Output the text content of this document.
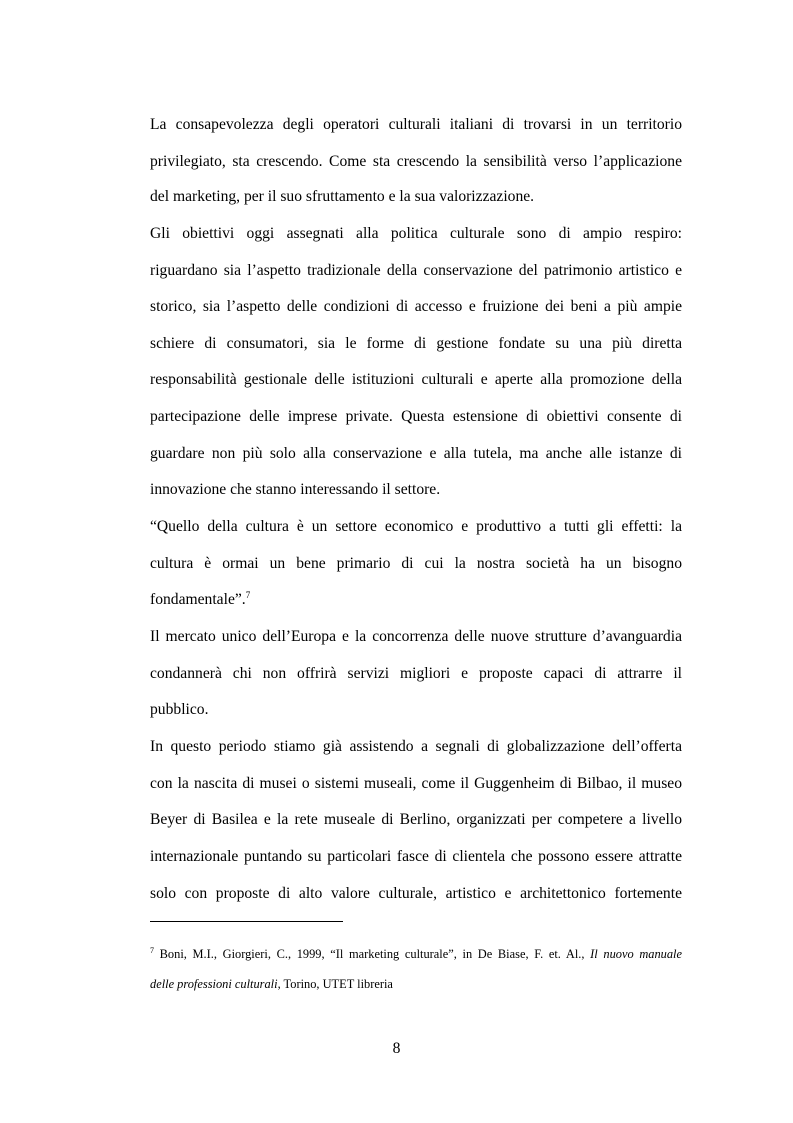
La consapevolezza degli operatori culturali italiani di trovarsi in un territorio
privilegiato, sta crescendo. Come sta crescendo la sensibilità verso l’applicazione
del marketing, per il suo sfruttamento e la sua valorizzazione.
Gli obiettivi oggi assegnati alla politica culturale sono di ampio respiro:
riguardano sia l’aspetto tradizionale della conservazione del patrimonio artistico e
storico, sia l’aspetto delle condizioni di accesso e fruizione dei beni a più ampie
schiere di consumatori, sia le forme di gestione fondate su una più diretta
responsabilità gestionale delle istituzioni culturali e aperte alla promozione della
partecipazione delle imprese private. Questa estensione di obiettivi consente di
guardare non più solo alla conservazione e alla tutela, ma anche alle istanze di
innovazione che stanno interessando il settore.
“Quello della cultura è un settore economico e produttivo a tutti gli effetti: la
cultura è ormai un bene primario di cui la nostra società ha un bisogno
fondamentale”.$^7$
Il mercato unico dell’Europa e la concorrenza delle nuove strutture d’avanguardia
condannerà chi non offrirà servizi migliori e proposte capaci di attrarre il
pubblico.
In questo periodo stiamo già assistendo a segnali di globalizzazione dell’offerta
con la nascita di musei o sistemi museali, come il Guggenheim di Bilbao, il museo
Beyer di Basilea e la rete museale di Berlino, organizzati per competere a livello
internazionale puntando su particolari fasce di clientela che possono essere attratte
solo con proposte di alto valore culturale, artistico e architettonico fortemente
$^7$ Boni, M.I., Giorgieri, C., 1999, “Il marketing culturale”, in De Biase, F. et. Al., Il nuovo manuale
delle professioni culturali, Torino, UTET libreria
8
